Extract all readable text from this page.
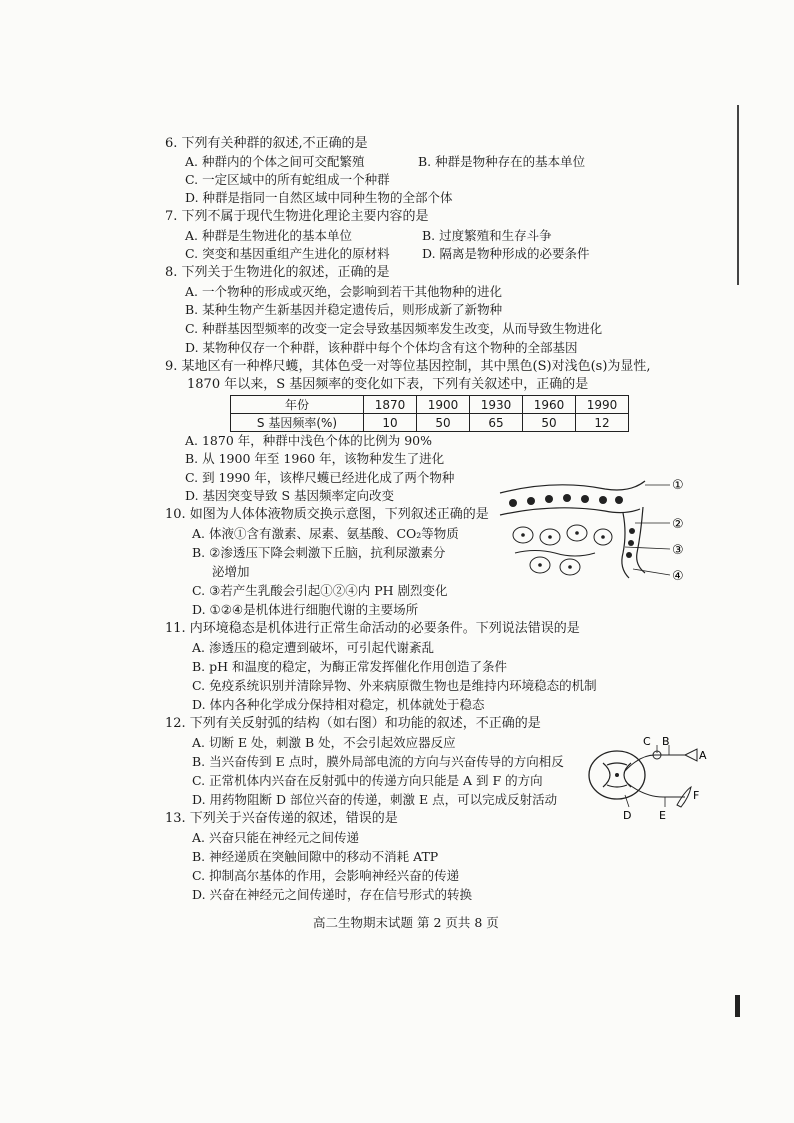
6. 下列有关种群的叙述,不正确的是
A. 种群内的个体之间可交配繁殖	B. 种群是物种存在的基本单位
C. 一定区域中的所有蛇组成一个种群
D. 种群是指同一自然区域中同种生物的全部个体
7. 下列不属于现代生物进化理论主要内容的是
A. 种群是生物进化的基本单位	B. 过度繁殖和生存斗争
C. 突变和基因重组产生进化的原材料	D. 隔离是物种形成的必要条件
8. 下列关于生物进化的叙述，正确的是
A. 一个物种的形成或灭绝，会影响到若干其他物种的进化
B. 某种生物产生新基因并稳定遗传后，则形成新了新物种
C. 种群基因型频率的改变一定会导致基因频率发生改变，从而导致生物进化
D. 某物种仅存一个种群，该种群中每个个体均含有这个物种的全部基因
9. 某地区有一种桦尺蠖，其体色受一对等位基因控制，其中黑色(S)对浅色(s)为显性,
1870 年以来，S 基因频率的变化如下表，下列有关叙述中，正确的是
年份	1870	1900	1930	1960	1990
S 基因频率(%)	10	50	65	50	12
A. 1870 年，种群中浅色个体的比例为 90%
B. 从 1900 年至 1960 年，该物种发生了进化
C. 到 1990 年，该桦尺蠖已经进化成了两个物种
D. 基因突变导致 S 基因频率定向改变
10. 如图为人体体液物质交换示意图，下列叙述正确的是
A. 体液①含有激素、尿素、氨基酸、CO₂等物质
B. ②渗透压下降会刺激下丘脑，抗利尿激素分
泌增加
C. ③若产生乳酸会引起①②④内 PH 剧烈变化
D. ①②④是机体进行细胞代谢的主要场所
①
②
③
④
11. 内环境稳态是机体进行正常生命活动的必要条件。下列说法错误的是
A. 渗透压的稳定遭到破坏，可引起代谢紊乱
B. pH 和温度的稳定，为酶正常发挥催化作用创造了条件
C. 免疫系统识别并清除异物、外来病原微生物也是维持内环境稳态的机制
D. 体内各种化学成分保持相对稳定，机体就处于稳态
12. 下列有关反射弧的结构（如右图）和功能的叙述，不正确的是
A. 切断 E 处，刺激 B 处，不会引起效应器反应
B. 当兴奋传到 E 点时，膜外局部电流的方向与兴奋传导的方向相反
C. 正常机体内兴奋在反射弧中的传递方向只能是 A 到 F 的方向
D. 用药物阻断 D 部位兴奋的传递，刺激 E 点，可以完成反射活动
C B
A
F
D	E
13. 下列关于兴奋传递的叙述，错误的是
A. 兴奋只能在神经元之间传递
B. 神经递质在突触间隙中的移动不消耗 ATP
C. 抑制高尔基体的作用，会影响神经兴奋的传递
D. 兴奋在神经元之间传递时，存在信号形式的转换
高二生物期末试题 第 2 页共 8 页
